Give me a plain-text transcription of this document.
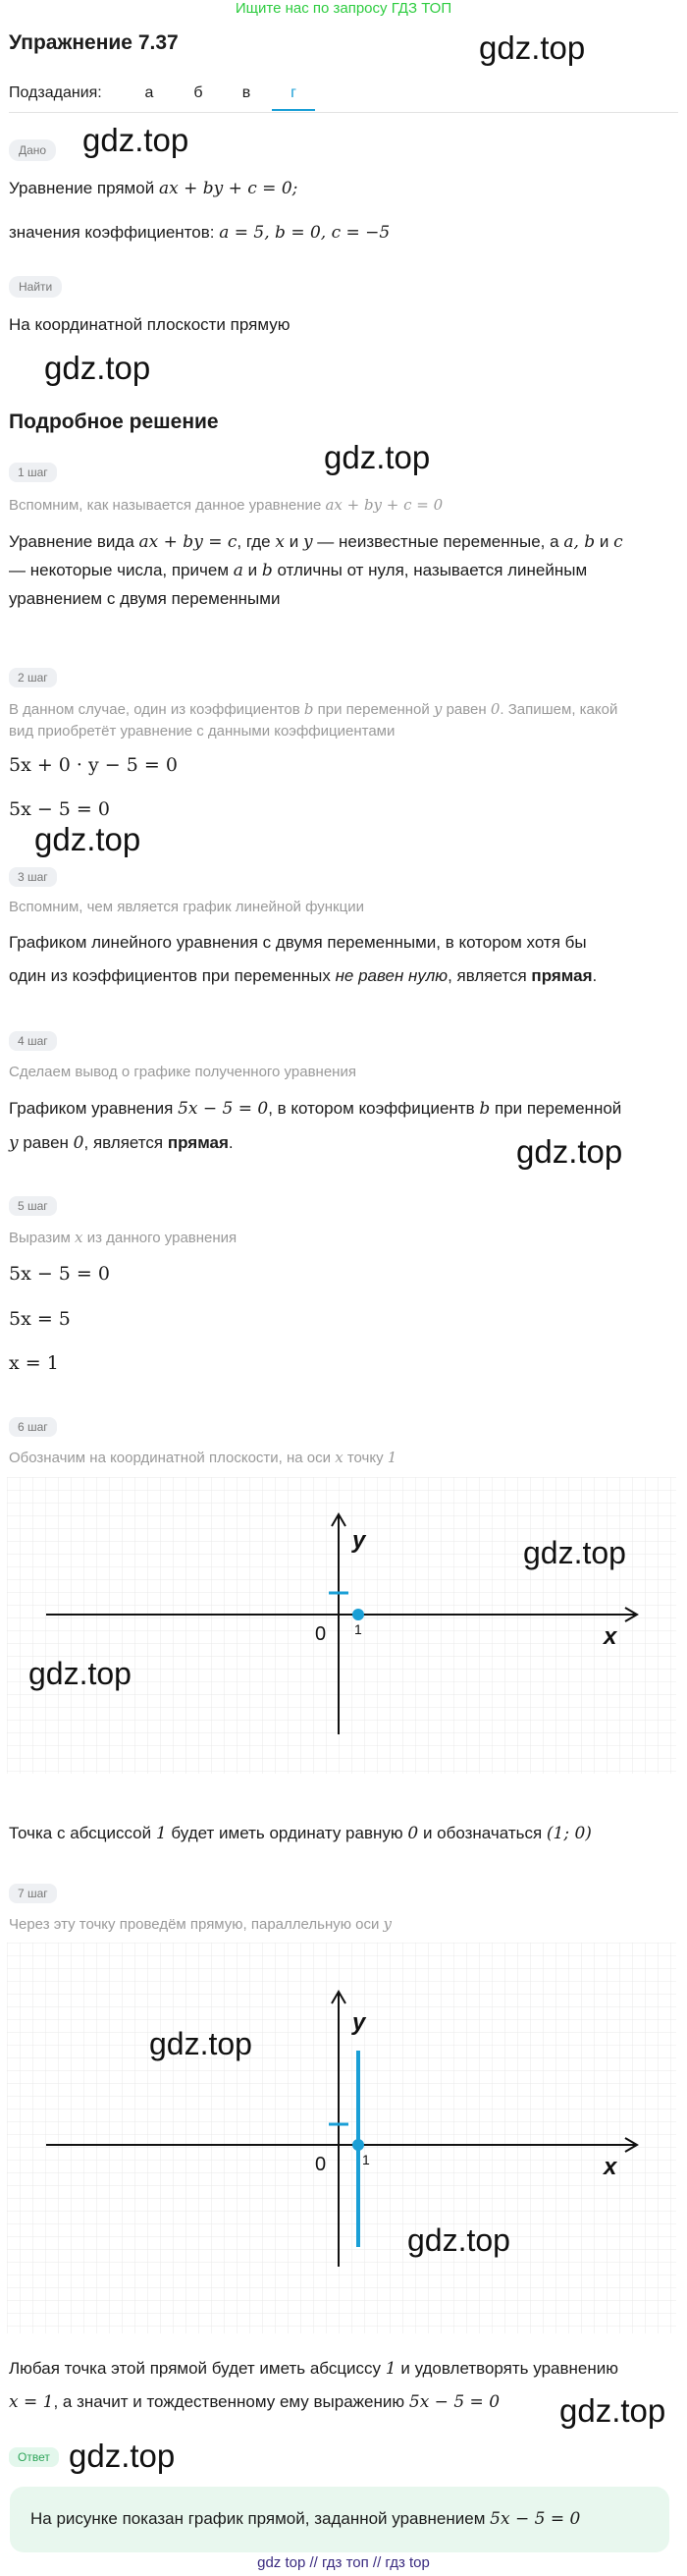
Ищите нас по запросу ГДЗ ТОП
Упражнение 7.37	gdz.top
Подзадания:	а	б	в	г
Дано	gdz.top
Уравнение прямой ax + by + c = 0;
значения коэффициентов: a = 5, b = 0, c = −5
Найти
На координатной плоскости прямую
gdz.top
Подробное решение
gdz.top
1 шаг
Вспомним, как называется данное уравнение ax + by + c = 0
Уравнение вида ax + by = c, где x и y — неизвестные переменные, а a, b и c
— некоторые числа, причем a и b отличны от нуля, называется линейным
уравнением с двумя переменными
2 шаг
В данном случае, один из коэффициентов b при переменной y равен 0. Запишем, какой
вид приобретёт уравнение с данными коэффициентами
5x + 0 · y − 5 = 0
5x − 5 = 0
gdz.top
3 шаг
Вспомним, чем является график линейной функции
Графиком линейного уравнения с двумя переменными, в котором хотя бы
один из коэффициентов при переменных не равен нулю, является прямая.
4 шаг
Сделаем вывод о графике полученного уравнения
Графиком уравнения 5x − 5 = 0, в котором коэффициентв b при переменной
y равен 0, является прямая.	gdz.top
5 шаг
Выразим x из данного уравнения
5x − 5 = 0
5x = 5
x = 1
6 шаг
Обозначим на координатной плоскости, на оси x точку 1
y
x
0 1
gdz.top
gdz.top
Точка с абсциссой 1 будет иметь ординату равную 0 и обозначаться (1; 0)
7 шаг
Через эту точку проведём прямую, параллельную оси y
y
x
0	1
gdz.top
gdz.top
Любая точка этой прямой будет иметь абсциссу 1 и удовлетворять уравнению
x = 1, а значит и тождественному ему выражению 5x − 5 = 0 gdz.top
Ответ gdz.top
На рисунке показан график прямой, заданной уравнением 5x − 5 = 0
gdz top // гдз топ // гдз top
